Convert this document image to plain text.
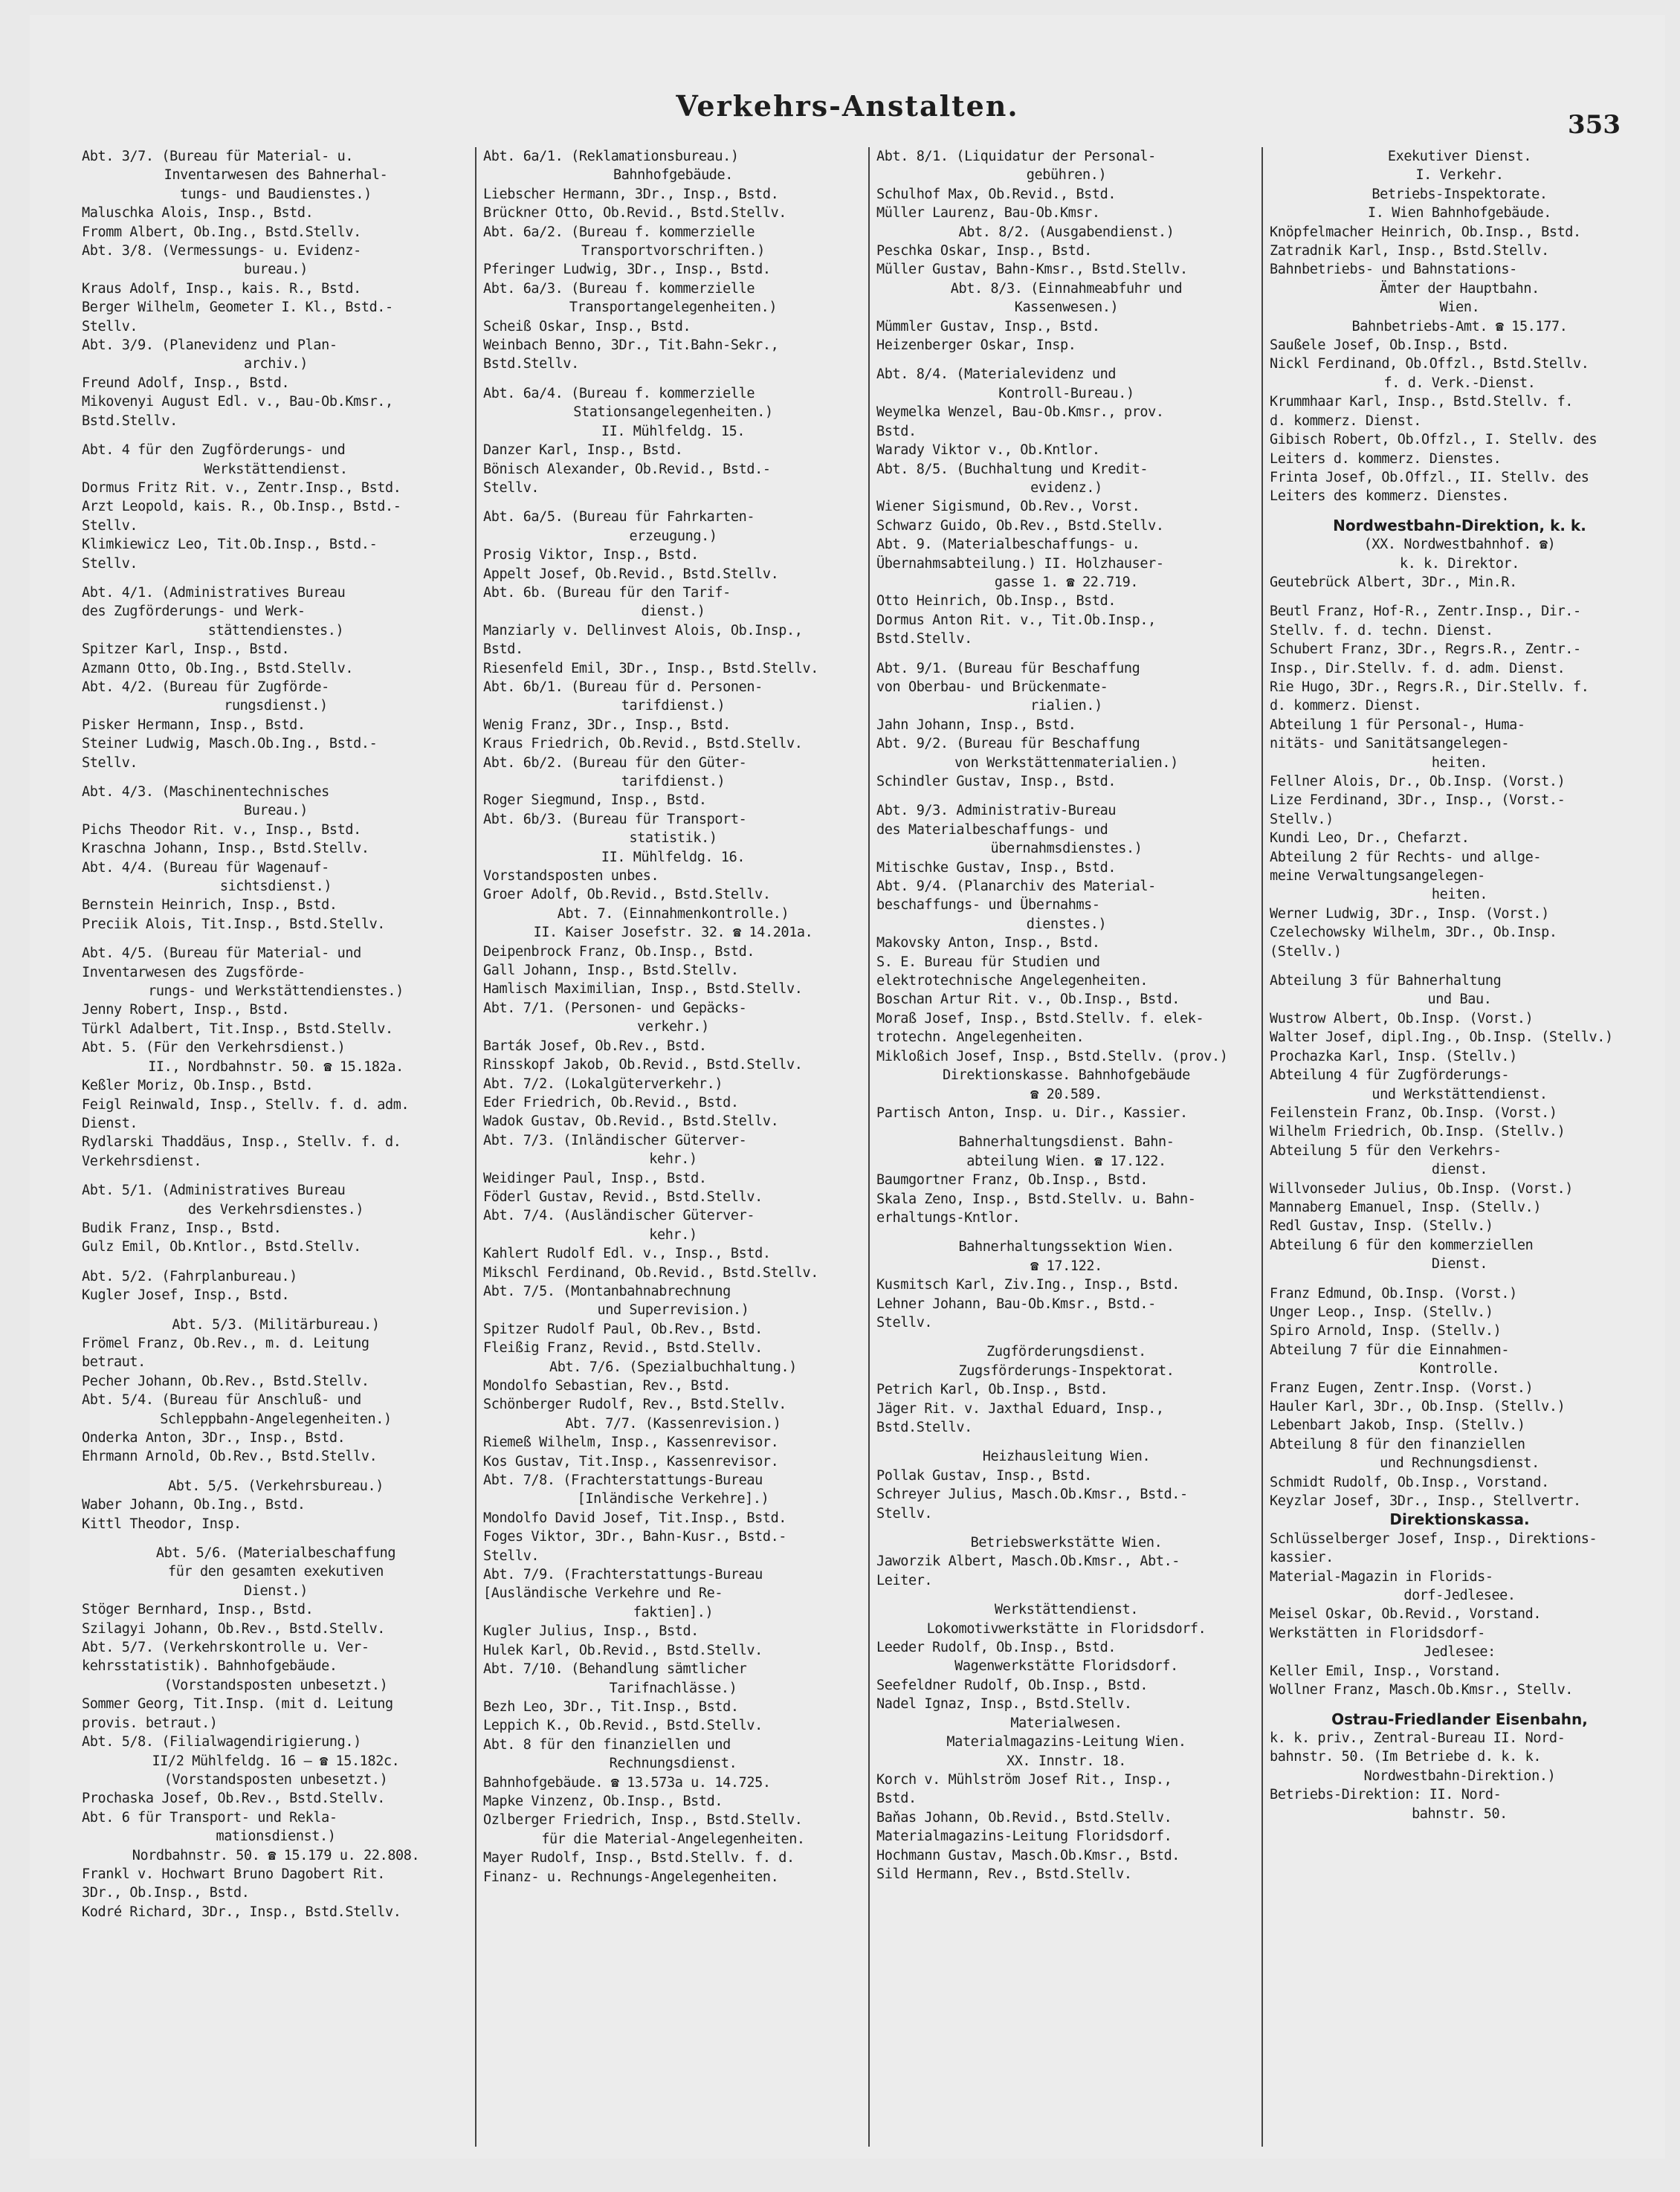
Verkehrs-Anstalten.
353
Abt. 3/7. (Bureau für Material- u.
Inventarwesen des Bahnerhal-
tungs- und Baudienstes.)
Maluschka Alois, Insp., Bstd.
Fromm Albert, Ob.Ing., Bstd.Stellv.
Abt. 3/8. (Vermessungs- u. Evidenz-
bureau.)
Kraus Adolf, Insp., kais. R., Bstd.
Berger Wilhelm, Geometer I. Kl., Bstd.-
Stellv.
Abt. 3/9. (Planevidenz und Plan-
archiv.)
Freund Adolf, Insp., Bstd.
Mikovenyi August Edl. v., Bau-Ob.Kmsr.,
Bstd.Stellv.
Abt. 4 für den Zugförderungs- und
Werkstättendienst.
Dormus Fritz Rit. v., Zentr.Insp., Bstd.
Arzt Leopold, kais. R., Ob.Insp., Bstd.-
Stellv.
Klimkiewicz Leo, Tit.Ob.Insp., Bstd.-
Stellv.
Abt. 4/1. (Administratives Bureau
des Zugförderungs- und Werk-
stättendienstes.)
Spitzer Karl, Insp., Bstd.
Azmann Otto, Ob.Ing., Bstd.Stellv.
Abt. 4/2. (Bureau für Zugförde-
rungsdienst.)
Pisker Hermann, Insp., Bstd.
Steiner Ludwig, Masch.Ob.Ing., Bstd.-
Stellv.
Abt. 4/3. (Maschinentechnisches
Bureau.)
Pichs Theodor Rit. v., Insp., Bstd.
Kraschna Johann, Insp., Bstd.Stellv.
Abt. 4/4. (Bureau für Wagenauf-
sichtsdienst.)
Bernstein Heinrich, Insp., Bstd.
Preciik Alois, Tit.Insp., Bstd.Stellv.
Abt. 4/5. (Bureau für Material- und
Inventarwesen des Zugsförde-
rungs- und Werkstättendienstes.)
Jenny Robert, Insp., Bstd.
Türkl Adalbert, Tit.Insp., Bstd.Stellv.
Abt. 5. (Für den Verkehrsdienst.)
II., Nordbahnstr. 50. ☎ 15.182a.
Keßler Moriz, Ob.Insp., Bstd.
Feigl Reinwald, Insp., Stellv. f. d. adm.
Dienst.
Rydlarski Thaddäus, Insp., Stellv. f. d.
Verkehrsdienst.
Abt. 5/1. (Administratives Bureau
des Verkehrsdienstes.)
Budik Franz, Insp., Bstd.
Gulz Emil, Ob.Kntlor., Bstd.Stellv.
Abt. 5/2. (Fahrplanbureau.)
Kugler Josef, Insp., Bstd.
Abt. 5/3. (Militärbureau.)
Frömel Franz, Ob.Rev., m. d. Leitung
betraut.
Pecher Johann, Ob.Rev., Bstd.Stellv.
Abt. 5/4. (Bureau für Anschluß- und
Schleppbahn-Angelegenheiten.)
Onderka Anton, 3Dr., Insp., Bstd.
Ehrmann Arnold, Ob.Rev., Bstd.Stellv.
Abt. 5/5. (Verkehrsbureau.)
Waber Johann, Ob.Ing., Bstd.
Kittl Theodor, Insp.
Abt. 5/6. (Materialbeschaffung
für den gesamten exekutiven
Dienst.)
Stöger Bernhard, Insp., Bstd.
Szilagyi Johann, Ob.Rev., Bstd.Stellv.
Abt. 5/7. (Verkehrskontrolle u. Ver-
kehrsstatistik). Bahnhofgebäude.
(Vorstandsposten unbesetzt.)
Sommer Georg, Tit.Insp. (mit d. Leitung
provis. betraut.)
Abt. 5/8. (Filialwagendirigierung.)
II/2 Mühlfeldg. 16 — ☎ 15.182c.
(Vorstandsposten unbesetzt.)
Prochaska Josef, Ob.Rev., Bstd.Stellv.
Abt. 6 für Transport- und Rekla-
mationsdienst.)
Nordbahnstr. 50. ☎ 15.179 u. 22.808.
Frankl v. Hochwart Bruno Dagobert Rit.
3Dr., Ob.Insp., Bstd.
Kodré Richard, 3Dr., Insp., Bstd.Stellv.
Abt. 6a/1. (Reklamationsbureau.)
Bahnhofgebäude.
Liebscher Hermann, 3Dr., Insp., Bstd.
Brückner Otto, Ob.Revid., Bstd.Stellv.
Abt. 6a/2. (Bureau f. kommerzielle
Transportvorschriften.)
Pferinger Ludwig, 3Dr., Insp., Bstd.
Abt. 6a/3. (Bureau f. kommerzielle
Transportangelegenheiten.)
Scheiß Oskar, Insp., Bstd.
Weinbach Benno, 3Dr., Tit.Bahn-Sekr.,
Bstd.Stellv.
Abt. 6a/4. (Bureau f. kommerzielle
Stationsangelegenheiten.)
II. Mühlfeldg. 15.
Danzer Karl, Insp., Bstd.
Bönisch Alexander, Ob.Revid., Bstd.-
Stellv.
Abt. 6a/5. (Bureau für Fahrkarten-
erzeugung.)
Prosig Viktor, Insp., Bstd.
Appelt Josef, Ob.Revid., Bstd.Stellv.
Abt. 6b. (Bureau für den Tarif-
dienst.)
Manziarly v. Dellinvest Alois, Ob.Insp.,
Bstd.
Riesenfeld Emil, 3Dr., Insp., Bstd.Stellv.
Abt. 6b/1. (Bureau für d. Personen-
tarifdienst.)
Wenig Franz, 3Dr., Insp., Bstd.
Kraus Friedrich, Ob.Revid., Bstd.Stellv.
Abt. 6b/2. (Bureau für den Güter-
tarifdienst.)
Roger Siegmund, Insp., Bstd.
Abt. 6b/3. (Bureau für Transport-
statistik.)
II. Mühlfeldg. 16.
Vorstandsposten unbes.
Groer Adolf, Ob.Revid., Bstd.Stellv.
Abt. 7. (Einnahmenkontrolle.)
II. Kaiser Josefstr. 32. ☎ 14.201a.
Deipenbrock Franz, Ob.Insp., Bstd.
Gall Johann, Insp., Bstd.Stellv.
Hamlisch Maximilian, Insp., Bstd.Stellv.
Abt. 7/1. (Personen- und Gepäcks-
verkehr.)
Barták Josef, Ob.Rev., Bstd.
Rinsskopf Jakob, Ob.Revid., Bstd.Stellv.
Abt. 7/2. (Lokalgüterverkehr.)
Eder Friedrich, Ob.Revid., Bstd.
Wadok Gustav, Ob.Revid., Bstd.Stellv.
Abt. 7/3. (Inländischer Güterver-
kehr.)
Weidinger Paul, Insp., Bstd.
Föderl Gustav, Revid., Bstd.Stellv.
Abt. 7/4. (Ausländischer Güterver-
kehr.)
Kahlert Rudolf Edl. v., Insp., Bstd.
Mikschl Ferdinand, Ob.Revid., Bstd.Stellv.
Abt. 7/5. (Montanbahnabrechnung
und Superrevision.)
Spitzer Rudolf Paul, Ob.Rev., Bstd.
Fleißig Franz, Revid., Bstd.Stellv.
Abt. 7/6. (Spezialbuchhaltung.)
Mondolfo Sebastian, Rev., Bstd.
Schönberger Rudolf, Rev., Bstd.Stellv.
Abt. 7/7. (Kassenrevision.)
Riemeß Wilhelm, Insp., Kassenrevisor.
Kos Gustav, Tit.Insp., Kassenrevisor.
Abt. 7/8. (Frachterstattungs-Bureau
[Inländische Verkehre].)
Mondolfo David Josef, Tit.Insp., Bstd.
Foges Viktor, 3Dr., Bahn-Kusr., Bstd.-
Stellv.
Abt. 7/9. (Frachterstattungs-Bureau
[Ausländische Verkehre und Re-
faktien].)
Kugler Julius, Insp., Bstd.
Hulek Karl, Ob.Revid., Bstd.Stellv.
Abt. 7/10. (Behandlung sämtlicher
Tarifnachlässe.)
Bezh Leo, 3Dr., Tit.Insp., Bstd.
Leppich K., Ob.Revid., Bstd.Stellv.
Abt. 8 für den finanziellen und
Rechnungsdienst.
Bahnhofgebäude. ☎ 13.573a u. 14.725.
Mapke Vinzenz, Ob.Insp., Bstd.
Ozlberger Friedrich, Insp., Bstd.Stellv.
für die Material-Angelegenheiten.
Mayer Rudolf, Insp., Bstd.Stellv. f. d.
Finanz- u. Rechnungs-Angelegenheiten.
Abt. 8/1. (Liquidatur der Personal-
gebühren.)
Schulhof Max, Ob.Revid., Bstd.
Müller Laurenz, Bau-Ob.Kmsr.
Abt. 8/2. (Ausgabendienst.)
Peschka Oskar, Insp., Bstd.
Müller Gustav, Bahn-Kmsr., Bstd.Stellv.
Abt. 8/3. (Einnahmeabfuhr und
Kassenwesen.)
Mümmler Gustav, Insp., Bstd.
Heizenberger Oskar, Insp.
Abt. 8/4. (Materialevidenz und
Kontroll-Bureau.)
Weymelka Wenzel, Bau-Ob.Kmsr., prov.
Bstd.
Warady Viktor v., Ob.Kntlor.
Abt. 8/5. (Buchhaltung und Kredit-
evidenz.)
Wiener Sigismund, Ob.Rev., Vorst.
Schwarz Guido, Ob.Rev., Bstd.Stellv.
Abt. 9. (Materialbeschaffungs- u.
Übernahmsabteilung.) II. Holzhauser-
gasse 1. ☎ 22.719.
Otto Heinrich, Ob.Insp., Bstd.
Dormus Anton Rit. v., Tit.Ob.Insp.,
Bstd.Stellv.
Abt. 9/1. (Bureau für Beschaffung
von Oberbau- und Brückenmate-
rialien.)
Jahn Johann, Insp., Bstd.
Abt. 9/2. (Bureau für Beschaffung
von Werkstättenmaterialien.)
Schindler Gustav, Insp., Bstd.
Abt. 9/3. Administrativ-Bureau
des Materialbeschaffungs- und
übernahmsdienstes.)
Mitischke Gustav, Insp., Bstd.
Abt. 9/4. (Planarchiv des Material-
beschaffungs- und Übernahms-
dienstes.)
Makovsky Anton, Insp., Bstd.
S. E. Bureau für Studien und
elektrotechnische Angelegenheiten.
Boschan Artur Rit. v., Ob.Insp., Bstd.
Moraß Josef, Insp., Bstd.Stellv. f. elek-
trotechn. Angelegenheiten.
Mikloßich Josef, Insp., Bstd.Stellv. (prov.)
Direktionskasse. Bahnhofgebäude
☎ 20.589.
Partisch Anton, Insp. u. Dir., Kassier.
Bahnerhaltungsdienst. Bahn-
abteilung Wien. ☎ 17.122.
Baumgortner Franz, Ob.Insp., Bstd.
Skala Zeno, Insp., Bstd.Stellv. u. Bahn-
erhaltungs-Kntlor.
Bahnerhaltungssektion Wien.
☎ 17.122.
Kusmitsch Karl, Ziv.Ing., Insp., Bstd.
Lehner Johann, Bau-Ob.Kmsr., Bstd.-
Stellv.
Zugförderungsdienst.
Zugsförderungs-Inspektorat.
Petrich Karl, Ob.Insp., Bstd.
Jäger Rit. v. Jaxthal Eduard, Insp.,
Bstd.Stellv.
Heizhausleitung Wien.
Pollak Gustav, Insp., Bstd.
Schreyer Julius, Masch.Ob.Kmsr., Bstd.-
Stellv.
Betriebswerkstätte Wien.
Jaworzik Albert, Masch.Ob.Kmsr., Abt.-
Leiter.
Werkstättendienst.
Lokomotivwerkstätte in Floridsdorf.
Leeder Rudolf, Ob.Insp., Bstd.
Wagenwerkstätte Floridsdorf.
Seefeldner Rudolf, Ob.Insp., Bstd.
Nadel Ignaz, Insp., Bstd.Stellv.
Materialwesen.
Materialmagazins-Leitung Wien.
XX. Innstr. 18.
Korch v. Mühlström Josef Rit., Insp.,
Bstd.
Baňas Johann, Ob.Revid., Bstd.Stellv.
Materialmagazins-Leitung Floridsdorf.
Hochmann Gustav, Masch.Ob.Kmsr., Bstd.
Sild Hermann, Rev., Bstd.Stellv.
Exekutiver Dienst.
I. Verkehr.
Betriebs-Inspektorate.
I. Wien Bahnhofgebäude.
Knöpfelmacher Heinrich, Ob.Insp., Bstd.
Zatradnik Karl, Insp., Bstd.Stellv.
Bahnbetriebs- und Bahnstations-
Ämter der Hauptbahn.
Wien.
Bahnbetriebs-Amt. ☎ 15.177.
Saußele Josef, Ob.Insp., Bstd.
Nickl Ferdinand, Ob.Offzl., Bstd.Stellv.
f. d. Verk.-Dienst.
Krummhaar Karl, Insp., Bstd.Stellv. f.
d. kommerz. Dienst.
Gibisch Robert, Ob.Offzl., I. Stellv. des
Leiters d. kommerz. Dienstes.
Frinta Josef, Ob.Offzl., II. Stellv. des
Leiters des kommerz. Dienstes.
Nordwestbahn-Direktion, k. k.
(XX. Nordwestbahnhof. ☎)
k. k. Direktor.
Geutebrück Albert, 3Dr., Min.R.
Beutl Franz, Hof-R., Zentr.Insp., Dir.-
Stellv. f. d. techn. Dienst.
Schubert Franz, 3Dr., Regrs.R., Zentr.-
Insp., Dir.Stellv. f. d. adm. Dienst.
Rie Hugo, 3Dr., Regrs.R., Dir.Stellv. f.
d. kommerz. Dienst.
Abteilung 1 für Personal-, Huma-
nitäts- und Sanitätsangelegen-
heiten.
Fellner Alois, Dr., Ob.Insp. (Vorst.)
Lize Ferdinand, 3Dr., Insp., (Vorst.-
Stellv.)
Kundi Leo, Dr., Chefarzt.
Abteilung 2 für Rechts- und allge-
meine Verwaltungsangelegen-
heiten.
Werner Ludwig, 3Dr., Insp. (Vorst.)
Czelechowsky Wilhelm, 3Dr., Ob.Insp.
(Stellv.)
Abteilung 3 für Bahnerhaltung
und Bau.
Wustrow Albert, Ob.Insp. (Vorst.)
Walter Josef, dipl.Ing., Ob.Insp. (Stellv.)
Prochazka Karl, Insp. (Stellv.)
Abteilung 4 für Zugförderungs-
und Werkstättendienst.
Feilenstein Franz, Ob.Insp. (Vorst.)
Wilhelm Friedrich, Ob.Insp. (Stellv.)
Abteilung 5 für den Verkehrs-
dienst.
Willvonseder Julius, Ob.Insp. (Vorst.)
Mannaberg Emanuel, Insp. (Stellv.)
Redl Gustav, Insp. (Stellv.)
Abteilung 6 für den kommerziellen
Dienst.
Franz Edmund, Ob.Insp. (Vorst.)
Unger Leop., Insp. (Stellv.)
Spiro Arnold, Insp. (Stellv.)
Abteilung 7 für die Einnahmen-
Kontrolle.
Franz Eugen, Zentr.Insp. (Vorst.)
Hauler Karl, 3Dr., Ob.Insp. (Stellv.)
Lebenbart Jakob, Insp. (Stellv.)
Abteilung 8 für den finanziellen
und Rechnungsdienst.
Schmidt Rudolf, Ob.Insp., Vorstand.
Keyzlar Josef, 3Dr., Insp., Stellvertr.
Direktionskassa.
Schlüsselberger Josef, Insp., Direktions-
kassier.
Material-Magazin in Florids-
dorf-Jedlesee.
Meisel Oskar, Ob.Revid., Vorstand.
Werkstätten in Floridsdorf-
Jedlesee:
Keller Emil, Insp., Vorstand.
Wollner Franz, Masch.Ob.Kmsr., Stellv.
Ostrau-Friedlander Eisenbahn,
k. k. priv., Zentral-Bureau II. Nord-
bahnstr. 50. (Im Betriebe d. k. k.
Nordwestbahn-Direktion.)
Betriebs-Direktion: II. Nord-
bahnstr. 50.
